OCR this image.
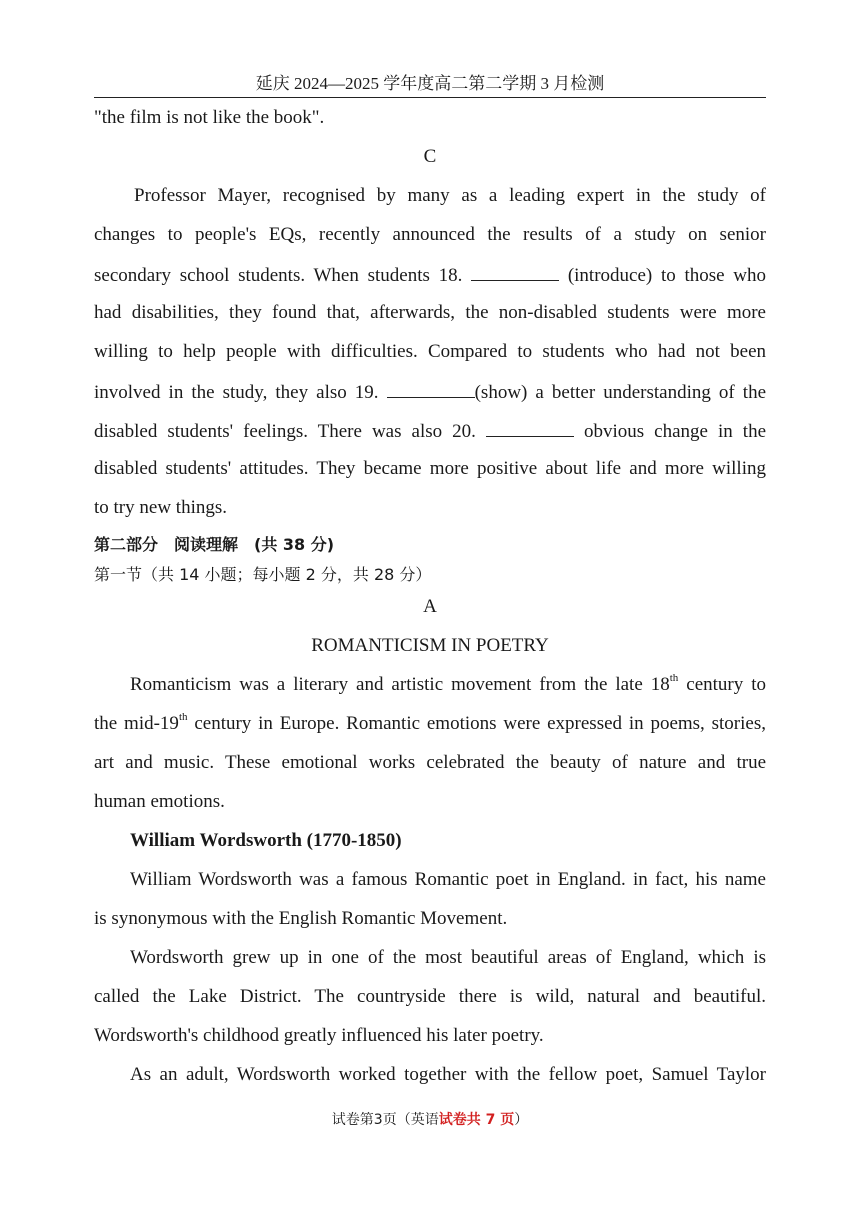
延庆 2024—2025 学年度高二第二学期 3 月检测
"the film is not like the book".
C
Professor Mayer, recognised by many as a leading expert in the study of
changes to people's EQs, recently announced the results of a study on senior
secondary school students. When students 18.	(introduce) to those who
had disabilities, they found that, afterwards, the non-disabled students were more
willing to help people with difficulties. Compared to students who had not been
involved in the study, they also 19.	(show) a better understanding of the
disabled students' feelings. There was also 20.	obvious change in the
disabled students' attitudes. They became more positive about life and more willing
to try new things.
第二部分　阅读理解　(共 38 分)
第一节（共 14 小题；每小题 2 分，共 28 分）
A
ROMANTICISM IN POETRY
Romanticism was a literary and artistic movement from the late 18th century to
the mid-19th century in Europe. Romantic emotions were expressed in poems, stories,
art and music. These emotional works celebrated the beauty of nature and true
human emotions.
William Wordsworth (1770-1850)
William Wordsworth was a famous Romantic poet in England. in fact, his name
is synonymous with the English Romantic Movement.
Wordsworth grew up in one of the most beautiful areas of England, which is
called the Lake District. The countryside there is wild, natural and beautiful.
Wordsworth's childhood greatly influenced his later poetry.
As an adult, Wordsworth worked together with the fellow poet, Samuel Taylor
试卷第3页（英语试卷共 7 页）
